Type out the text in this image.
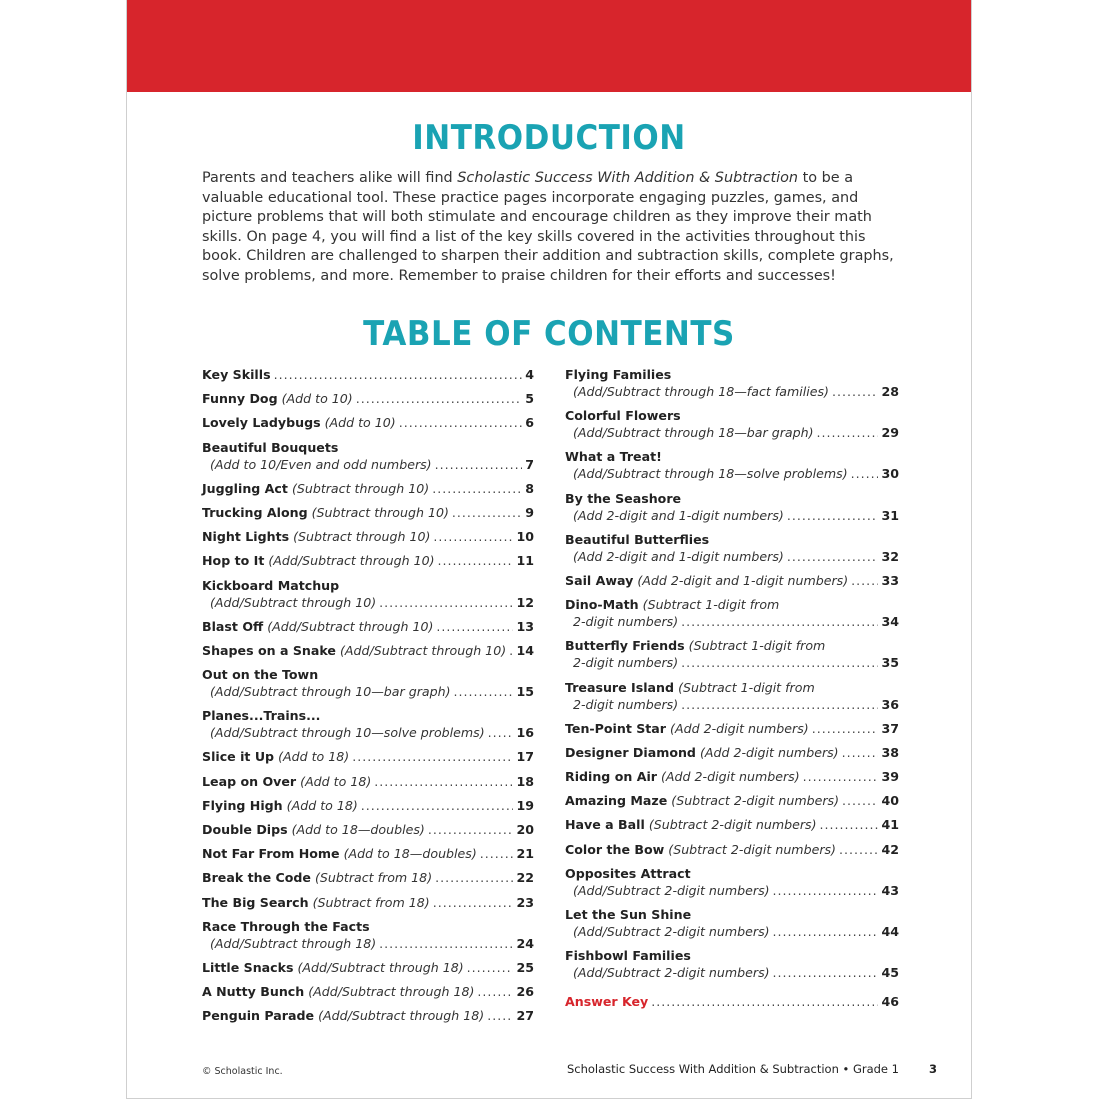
INTRODUCTION
Parents and teachers alike will find Scholastic Success With Addition & Subtraction to be a valuable educational tool. These practice pages incorporate engaging puzzles, games, and picture problems that will both stimulate and encourage children as they improve their math skills. On page 4, you will find a list of the key skills covered in the activities throughout this book. Children are challenged to sharpen their addition and subtraction skills, complete graphs, solve problems, and more. Remember to praise children for their efforts and successes!
TABLE OF CONTENTS
Key Skills .....	4
Funny Dog (Add to 10) .....	5
Lovely Ladybugs (Add to 10) .....	6
Beautiful Bouquets
(Add to 10/Even and odd numbers) .....	7
Juggling Act (Subtract through 10) .....	8
Trucking Along (Subtract through 10) .....	9
Night Lights (Subtract through 10) .....	10
Hop to It (Add/Subtract through 10) .....	11
Kickboard Matchup
(Add/Subtract through 10) .....	12
Blast Off (Add/Subtract through 10) .....	13
Shapes on a Snake (Add/Subtract through 10) ..... 14
Out on the Town
(Add/Subtract through 10—bar graph) .....	15
Planes...Trains...
(Add/Subtract through 10—solve problems) .....	16
Slice it Up (Add to 18) .....	17
Leap on Over (Add to 18) .....	18
Flying High (Add to 18) .....	19
Double Dips (Add to 18—doubles) .....	20
Not Far From Home (Add to 18—doubles) .....	21
Break the Code (Subtract from 18) .....	22
The Big Search (Subtract from 18) .....	23
Race Through the Facts
(Add/Subtract through 18) .....	24
Little Snacks (Add/Subtract through 18) .....	25
A Nutty Bunch (Add/Subtract through 18) .....	26
Penguin Parade (Add/Subtract through 18) .....	27
Flying Families
(Add/Subtract through 18—fact families) .....	28
Colorful Flowers
(Add/Subtract through 18—bar graph) .....	29
What a Treat!
(Add/Subtract through 18—solve problems) .....	30
By the Seashore
(Add 2-digit and 1-digit numbers) .....	31
Beautiful Butterflies
(Add 2-digit and 1-digit numbers) .....	32
Sail Away (Add 2-digit and 1-digit numbers) .....	33
Dino-Math (Subtract 1-digit from
2-digit numbers) .....	34
Butterfly Friends (Subtract 1-digit from
2-digit numbers) .....	35
Treasure Island (Subtract 1-digit from
2-digit numbers) .....	36
Ten-Point Star (Add 2-digit numbers) .....	37
Designer Diamond (Add 2-digit numbers) .....	38
Riding on Air (Add 2-digit numbers) .....	39
Amazing Maze (Subtract 2-digit numbers) .....	40
Have a Ball (Subtract 2-digit numbers) .....	41
Color the Bow (Subtract 2-digit numbers) .....	42
Opposites Attract
(Add/Subtract 2-digit numbers) .....	43
Let the Sun Shine
(Add/Subtract 2-digit numbers) .....	44
Fishbowl Families
(Add/Subtract 2-digit numbers) .....	45
Answer Key .....	46
© Scholastic Inc.	Scholastic Success With Addition & Subtraction • Grade 1	3
